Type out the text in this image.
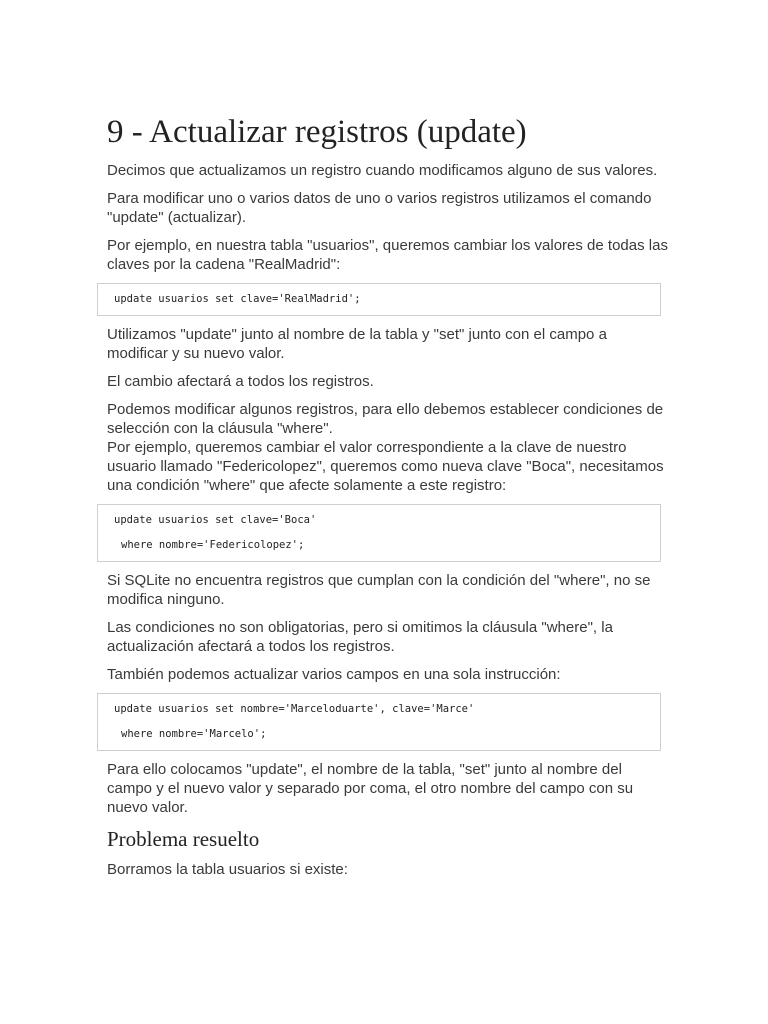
9 - Actualizar registros (update)

Decimos que actualizamos un registro cuando modificamos alguno de sus valores.

Para modificar uno o varios datos de uno o varios registros utilizamos el comando "update" (actualizar).

Por ejemplo, en nuestra tabla "usuarios", queremos cambiar los valores de todas las claves por la cadena "RealMadrid":

update usuarios set clave='RealMadrid';

Utilizamos "update" junto al nombre de la tabla y "set" junto con el campo a modificar y su nuevo valor.

El cambio afectará a todos los registros.

Podemos modificar algunos registros, para ello debemos establecer condiciones de selección con la cláusula "where".

Por ejemplo, queremos cambiar el valor correspondiente a la clave de nuestro usuario llamado "Federicolopez", queremos como nueva clave "Boca", necesitamos una condición "where" que afecte solamente a este registro:

update usuarios set clave='Boca'
where nombre='Federicolopez';

Si SQLite no encuentra registros que cumplan con la condición del "where", no se modifica ninguno.

Las condiciones no son obligatorias, pero si omitimos la cláusula "where", la actualización afectará a todos los registros.

También podemos actualizar varios campos en una sola instrucción:

update usuarios set nombre='Marceloduarte', clave='Marce'
where nombre='Marcelo';

Para ello colocamos "update", el nombre de la tabla, "set" junto al nombre del campo y el nuevo valor y separado por coma, el otro nombre del campo con su nuevo valor.

Problema resuelto

Borramos la tabla usuarios si existe:
